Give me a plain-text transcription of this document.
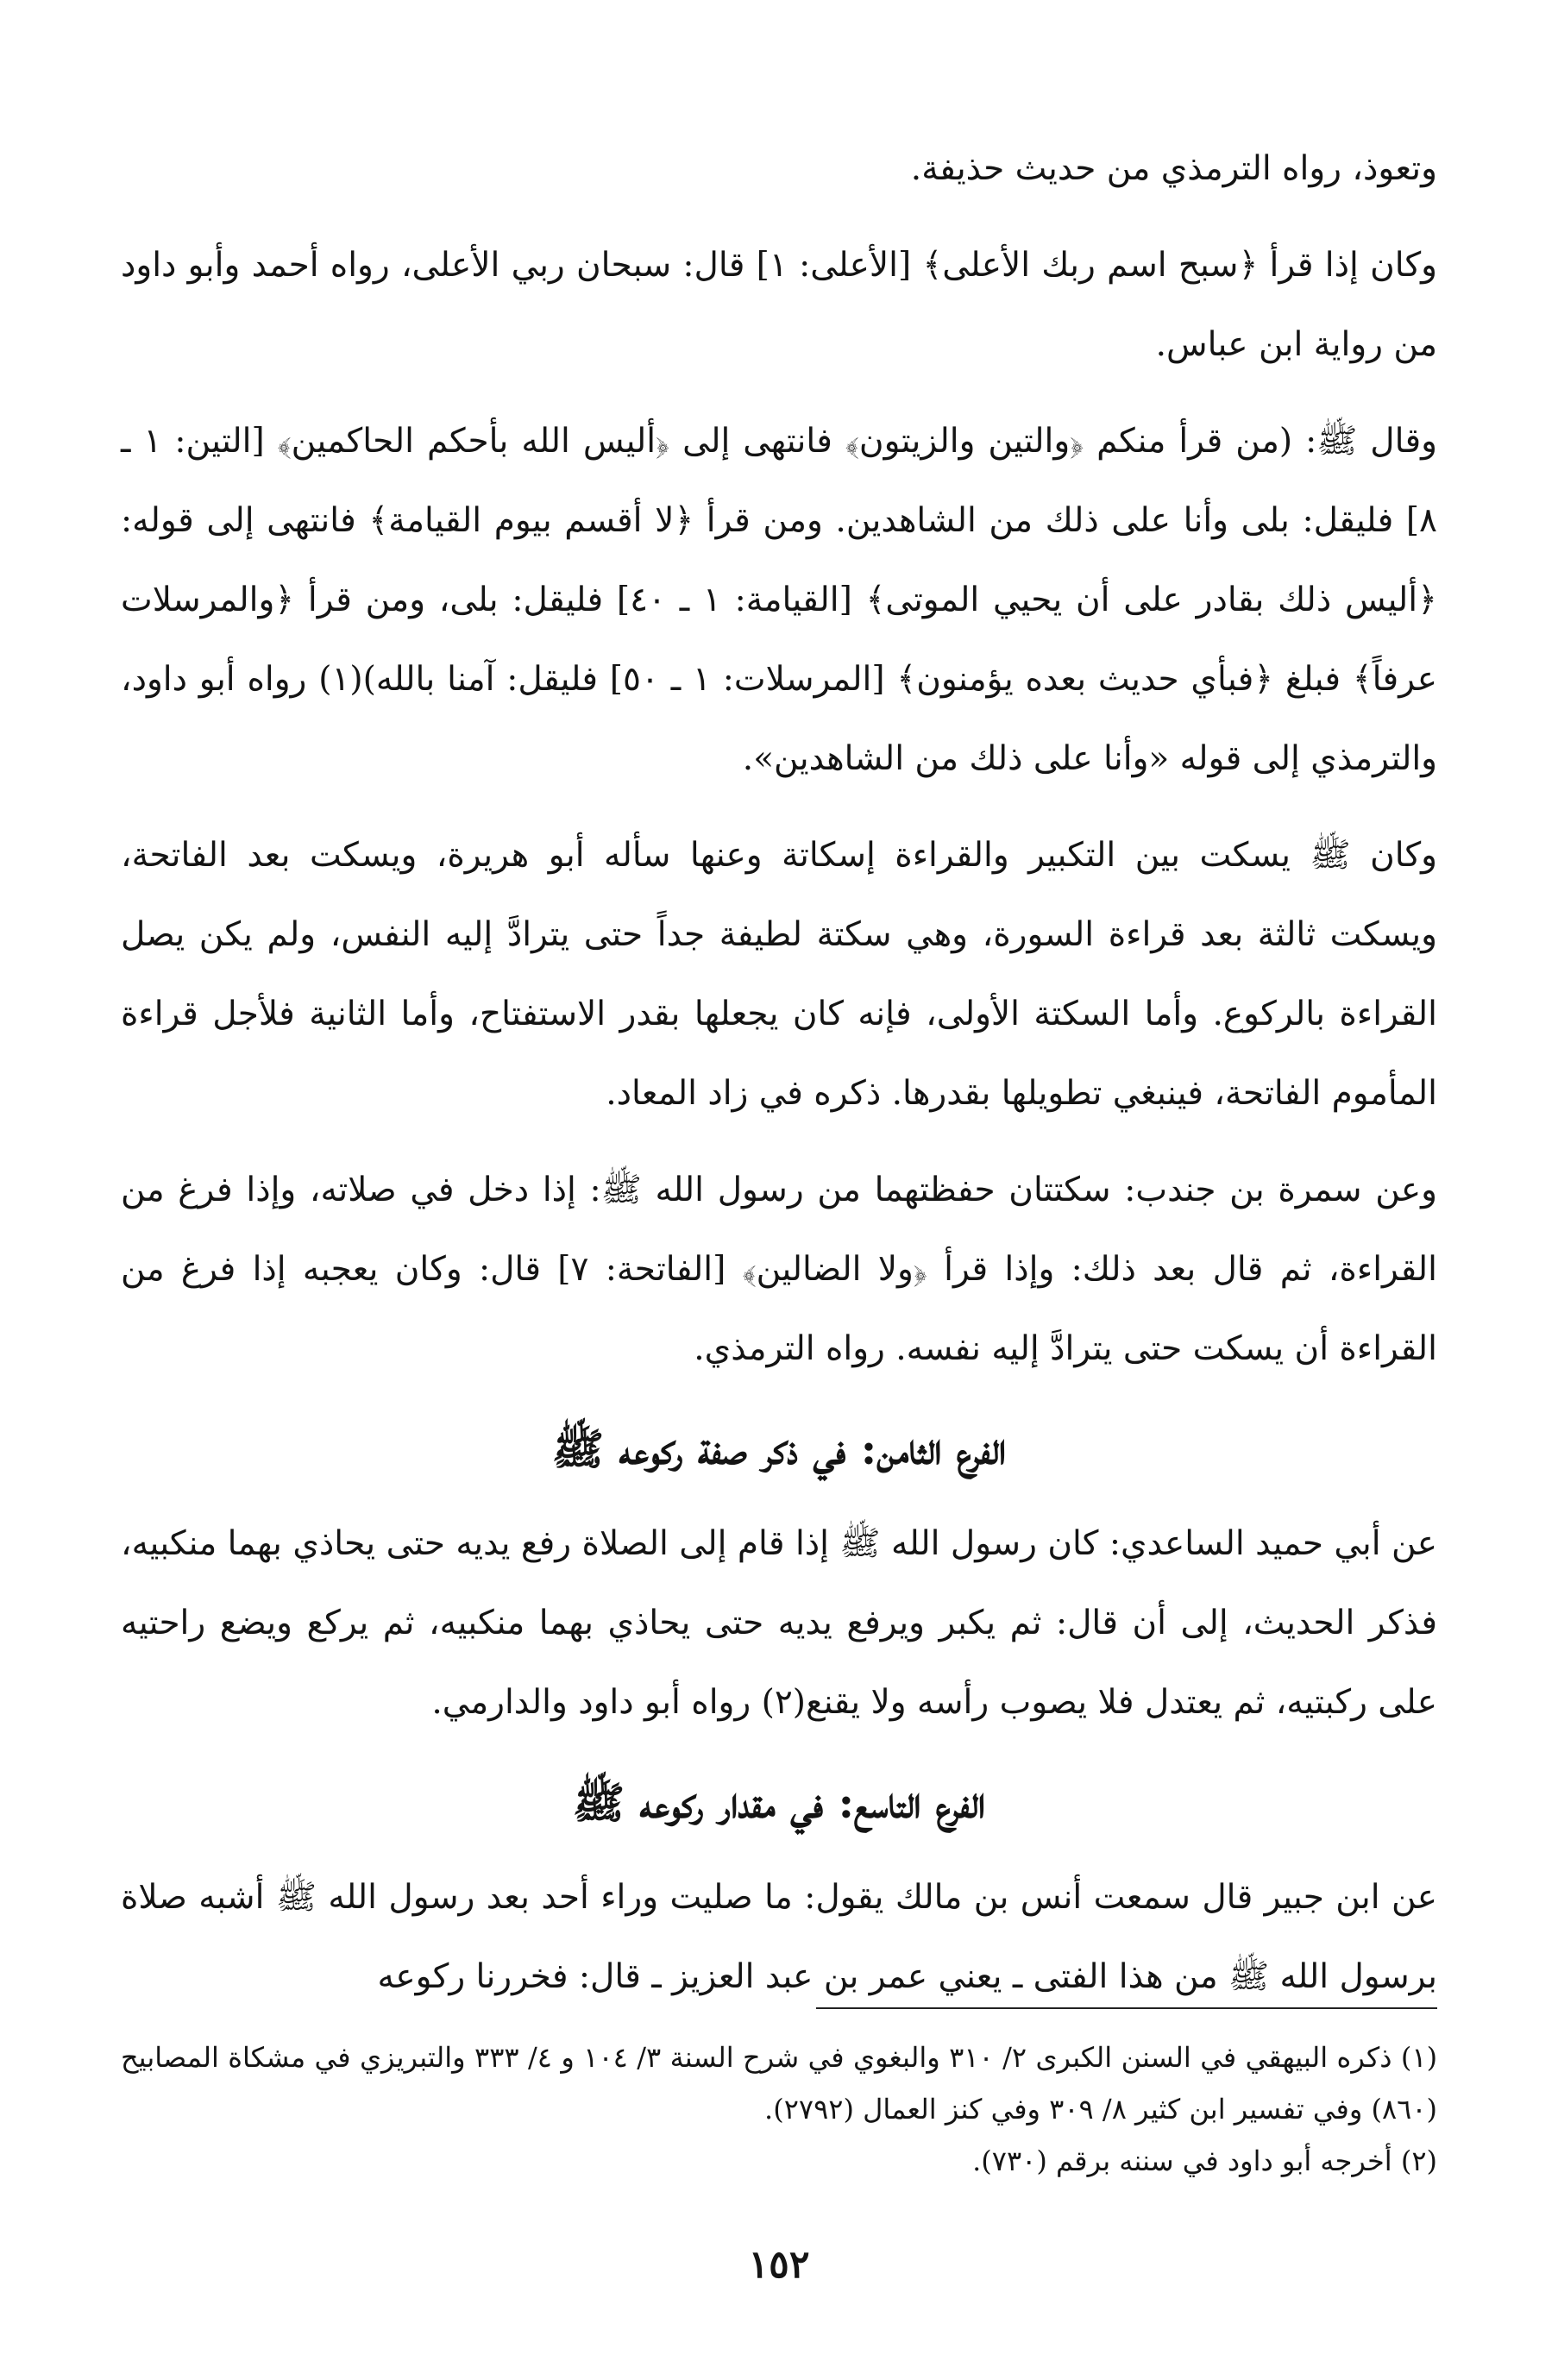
وتعوذ، رواه الترمذي من حديث حذيفة.

وكان إذا قرأ ﴿سبح اسم ربك الأعلى﴾ [الأعلى: ١] قال: سبحان ربي الأعلى، رواه أحمد وأبو داود من رواية ابن عباس.

وقال ﷺ: (من قرأ منكم ﴿والتين والزيتون﴾ فانتهى إلى ﴿أليس الله بأحكم الحاكمين﴾ [التين: ١ ـ ٨] فليقل: بلى وأنا على ذلك من الشاهدين. ومن قرأ ﴿لا أقسم بيوم القيامة﴾ فانتهى إلى قوله: ﴿أليس ذلك بقادر على أن يحيي الموتى﴾ [القيامة: ١ ـ ٤٠] فليقل: بلى، ومن قرأ ﴿والمرسلات عرفاً﴾ فبلغ ﴿فبأي حديث بعده يؤمنون﴾ [المرسلات: ١ ـ ٥٠] فليقل: آمنا بالله)(١) رواه أبو داود، والترمذي إلى قوله «وأنا على ذلك من الشاهدين».

وكان ﷺ يسكت بين التكبير والقراءة إسكاتة وعنها سأله أبو هريرة، ويسكت بعد الفاتحة، ويسكت ثالثة بعد قراءة السورة، وهي سكتة لطيفة جداً حتى يترادَّ إليه النفس، ولم يكن يصل القراءة بالركوع. وأما السكتة الأولى، فإنه كان يجعلها بقدر الاستفتاح، وأما الثانية فلأجل قراءة المأموم الفاتحة، فينبغي تطويلها بقدرها. ذكره في زاد المعاد.

وعن سمرة بن جندب: سكتتان حفظتهما من رسول الله ﷺ: إذا دخل في صلاته، وإذا فرغ من القراءة، ثم قال بعد ذلك: وإذا قرأ ﴿ولا الضالين﴾ [الفاتحة: ٧] قال: وكان يعجبه إذا فرغ من القراءة أن يسكت حتى يترادَّ إليه نفسه. رواه الترمذي.

الفرع الثامن: في ذكر صفة ركوعه ﷺ

عن أبي حميد الساعدي: كان رسول الله ﷺ إذا قام إلى الصلاة رفع يديه حتى يحاذي بهما منكبيه، فذكر الحديث، إلى أن قال: ثم يكبر ويرفع يديه حتى يحاذي بهما منكبيه، ثم يركع ويضع راحتيه على ركبتيه، ثم يعتدل فلا يصوب رأسه ولا يقنع(٢) رواه أبو داود والدارمي.

الفرع التاسع: في مقدار ركوعه ﷺ

عن ابن جبير قال سمعت أنس بن مالك يقول: ما صليت وراء أحد بعد رسول الله ﷺ أشبه صلاة برسول الله ﷺ من هذا الفتى ـ يعني عمر بن عبد العزيز ـ قال: فخررنا ركوعه

(١) ذكره البيهقي في السنن الكبرى ٢/ ٣١٠ والبغوي في شرح السنة ٣/ ١٠٤ و ٤/ ٣٣٣ والتبريزي في مشكاة المصابيح (٨٦٠) وفي تفسير ابن كثير ٨/ ٣٠٩ وفي كنز العمال (٢٧٩٢).

(٢) أخرجه أبو داود في سننه برقم (٧٣٠).

١٥٢
